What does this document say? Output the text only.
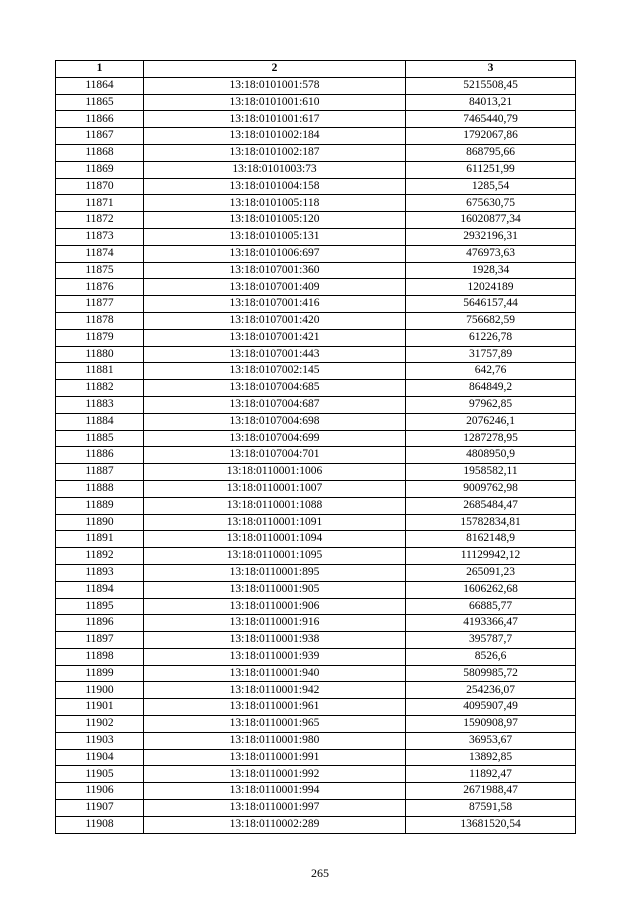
1	2	3
11864	13:18:0101001:578	5215508,45
11865	13:18:0101001:610	84013,21
11866	13:18:0101001:617	7465440,79
11867	13:18:0101002:184	1792067,86
11868	13:18:0101002:187	868795,66
11869	13:18:0101003:73	611251,99
11870	13:18:0101004:158	1285,54
11871	13:18:0101005:118	675630,75
11872	13:18:0101005:120	16020877,34
11873	13:18:0101005:131	2932196,31
11874	13:18:0101006:697	476973,63
11875	13:18:0107001:360	1928,34
11876	13:18:0107001:409	12024189
11877	13:18:0107001:416	5646157,44
11878	13:18:0107001:420	756682,59
11879	13:18:0107001:421	61226,78
11880	13:18:0107001:443	31757,89
11881	13:18:0107002:145	642,76
11882	13:18:0107004:685	864849,2
11883	13:18:0107004:687	97962,85
11884	13:18:0107004:698	2076246,1
11885	13:18:0107004:699	1287278,95
11886	13:18:0107004:701	4808950,9
11887	13:18:0110001:1006	1958582,11
11888	13:18:0110001:1007	9009762,98
11889	13:18:0110001:1088	2685484,47
11890	13:18:0110001:1091	15782834,81
11891	13:18:0110001:1094	8162148,9
11892	13:18:0110001:1095	11129942,12
11893	13:18:0110001:895	265091,23
11894	13:18:0110001:905	1606262,68
11895	13:18:0110001:906	66885,77
11896	13:18:0110001:916	4193366,47
11897	13:18:0110001:938	395787,7
11898	13:18:0110001:939	8526,6
11899	13:18:0110001:940	5809985,72
11900	13:18:0110001:942	254236,07
11901	13:18:0110001:961	4095907,49
11902	13:18:0110001:965	1590908,97
11903	13:18:0110001:980	36953,67
11904	13:18:0110001:991	13892,85
11905	13:18:0110001:992	11892,47
11906	13:18:0110001:994	2671988,47
11907	13:18:0110001:997	87591,58
11908	13:18:0110002:289	13681520,54
265
